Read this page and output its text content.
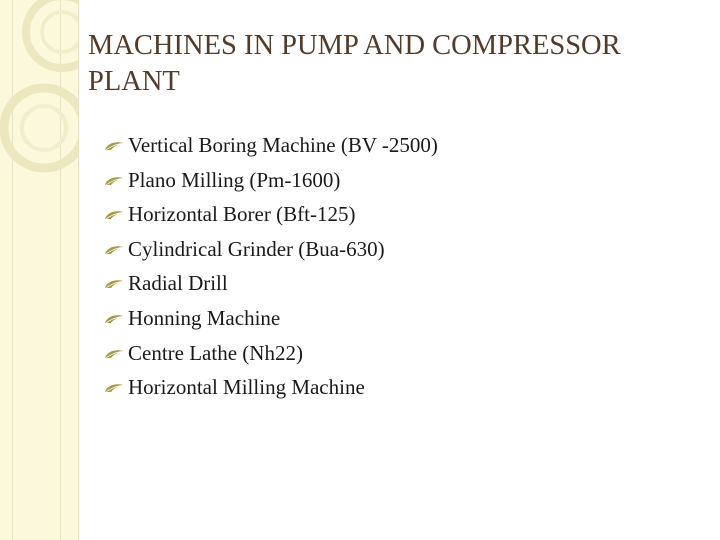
MACHINES IN PUMP AND COMPRESSOR PLANT
Vertical Boring Machine (BV -2500)
Plano Milling (Pm-1600)
Horizontal Borer (Bft-125)
Cylindrical Grinder (Bua-630)
Radial Drill
Honning Machine
Centre Lathe (Nh22)
Horizontal Milling Machine
